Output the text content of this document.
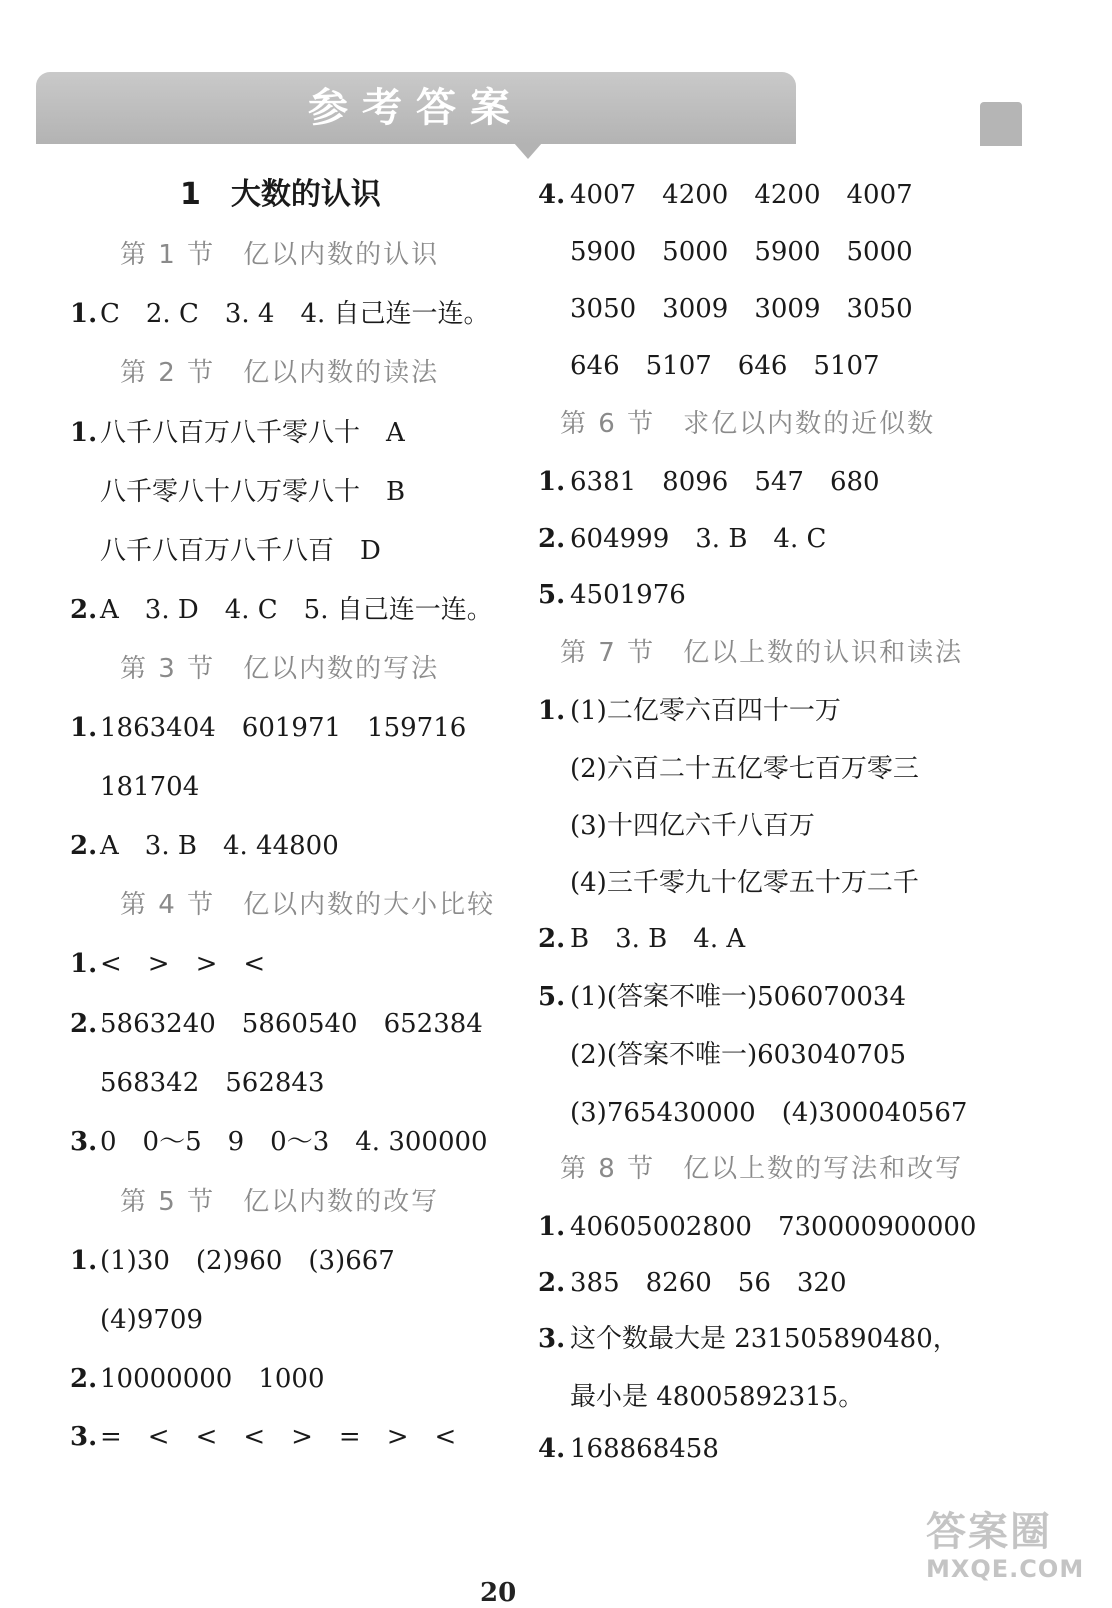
参考答案
1　大数的认识
第 1 节　亿以内数的认识
1. C　2. C　3. 4　4. 自己连一连。
第 2 节　亿以内数的读法
1. 八千八百万八千零八十　A
八千零八十八万零八十　B
八千八百万八千八百　D
2. A　3. D　4. C　5. 自己连一连。
第 3 节　亿以内数的写法
1. 1863404　601971　159716
181704
2. A　3. B　4. 44800
第 4 节　亿以内数的大小比较
1. <　>　>　<
2. 5863240　5860540　652384
568342　562843
3. 0　0～5　9　0～3　4. 300000
第 5 节　亿以内数的改写
1. (1)30　(2)960　(3)667
(4)9709
2. 10000000　1000
3. =　<　<　<　>　=　>　<
4. 4007　4200　4200　4007
5900　5000　5900　5000
3050　3009　3009　3050
646　5107　646　5107
第 6 节　求亿以内数的近似数
1. 6381　8096　547　680
2. 604999　3. B　4. C
5. 4501976
第 7 节　亿以上数的认识和读法
1. (1)二亿零六百四十一万
(2)六百二十五亿零七百万零三
(3)十四亿六千八百万
(4)三千零九十亿零五十万二千
2. B　3. B　4. A
5. (1)(答案不唯一)506070034
(2)(答案不唯一)603040705
(3)765430000　(4)300040567
第 8 节　亿以上数的写法和改写
1. 40605002800　730000900000
2. 385　8260　56　320
3. 这个数最大是 231505890480，
最小是 48005892315。
4. 168868458
20
答案圈
MXQE.COM
